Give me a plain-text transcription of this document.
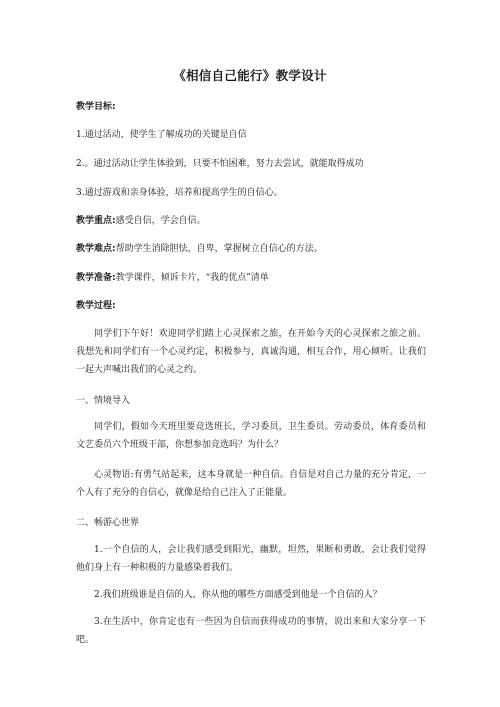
《相信自己能行》教学设计
教学目标:
1.通过活动，使学生了解成功的关键是自信
2.。通过活动让学生体验到，只要不怕困难，努力去尝试，就能取得成功
3.通过游戏和亲身体验，培养和提高学生的自信心。
教学重点:感受自信，学会自信。
教学难点:帮助学生消除胆怯，自卑，掌握树立自信心的方法。
教学准备:教学课件，倾诉卡片，“我的优点”清单
教学过程:
同学们下午好！欢迎同学们踏上心灵探索之旅，在开始今天的心灵探索之旅之前。我想先和同学们有一个心灵约定，积极参与，真诚沟通，相互合作，用心倾听。让我们一起大声喊出我们的心灵之约。
一、情境导入
同学们，假如今天班里要竞选班长，学习委员，卫生委员。劳动委员，体育委员和文艺委员六个班级干部，你想参加竞选吗？为什么？
心灵物语:有勇气站起来，这本身就是一种自信。自信是对自己力量的充分肯定，一个人有了充分的自信心，就像是给自己注入了正能量。
二、畅游心世界
1.一个自信的人，会让我们感受到阳光，幽默，坦然，果断和勇敢，会让我们觉得他们身上有一种积极的力量感染着我们。
2.我们班级谁是自信的人，你从他的哪些方面感受到他是一个自信的人？
3.在生活中，你肯定也有一些因为自信而获得成功的事情，说出来和大家分享一下吧。
